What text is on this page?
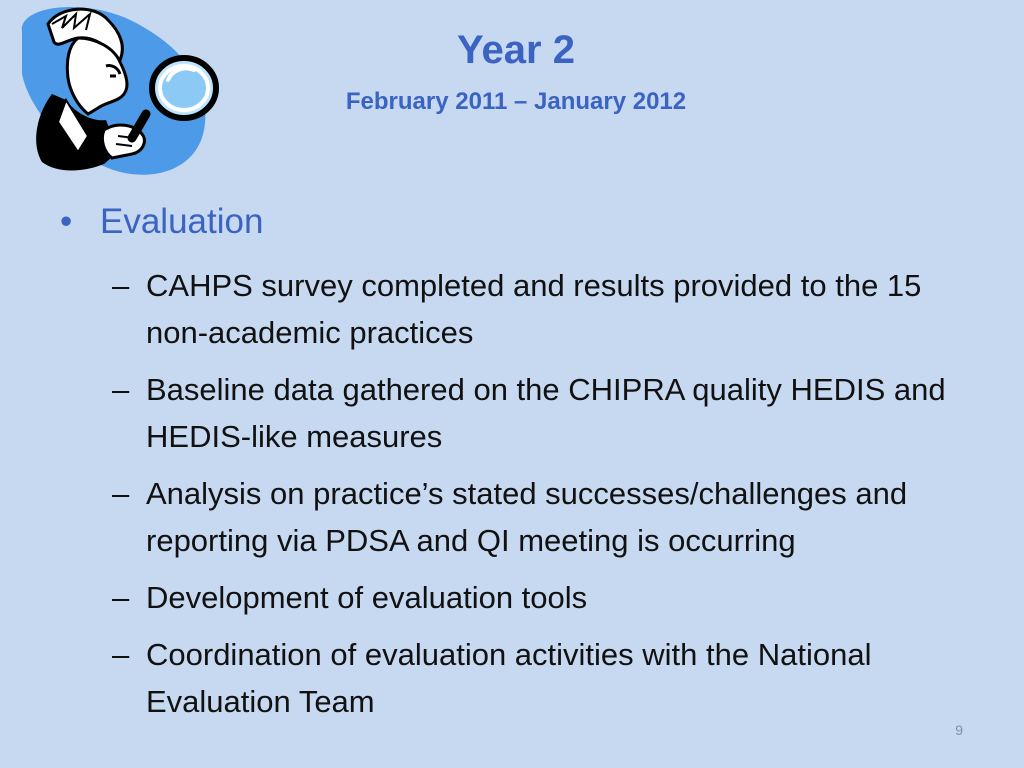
Year 2
February 2011 – January 2012
• Evaluation
– CAHPS survey completed and results provided to the 15 non-academic practices
– Baseline data gathered on the CHIPRA quality HEDIS and HEDIS-like measures
– Analysis on practice’s stated successes/challenges and reporting via PDSA and QI meeting is occurring
– Development of evaluation tools
– Coordination of evaluation activities with the National Evaluation Team
9
